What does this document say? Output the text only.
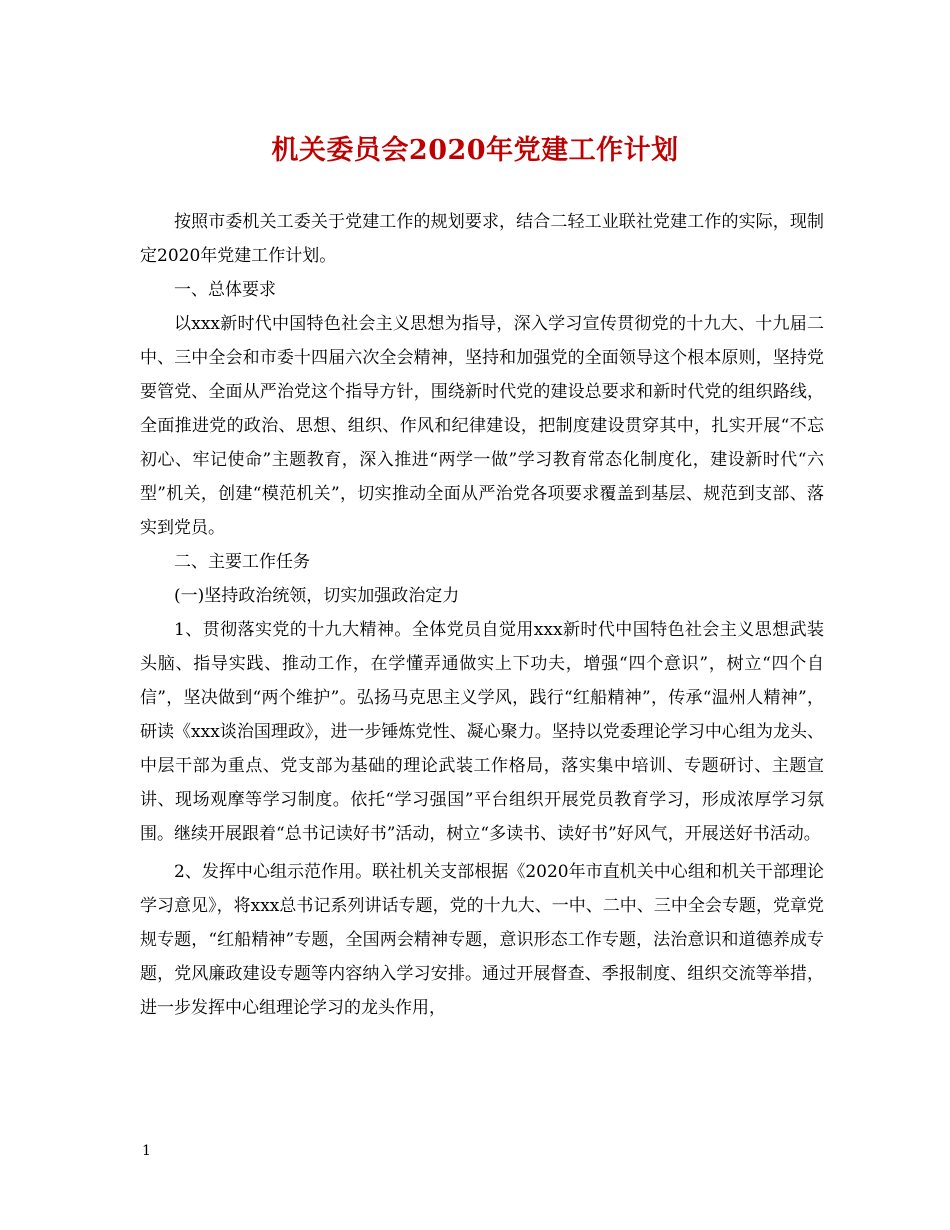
机关委员会2020年党建工作计划

按照市委机关工委关于党建工作的规划要求，结合二轻工业联社党建工作的实际，现制定2020年党建工作计划。

一、总体要求

以xxx新时代中国特色社会主义思想为指导，深入学习宣传贯彻党的十九大、十九届二中、三中全会和市委十四届六次全会精神，坚持和加强党的全面领导这个根本原则，坚持党要管党、全面从严治党这个指导方针，围绕新时代党的建设总要求和新时代党的组织路线，全面推进党的政治、思想、组织、作风和纪律建设，把制度建设贯穿其中，扎实开展“不忘初心、牢记使命”主题教育，深入推进“两学一做”学习教育常态化制度化，建设新时代“六型”机关，创建“模范机关”，切实推动全面从严治党各项要求覆盖到基层、规范到支部、落实到党员。

二、主要工作任务

(一)坚持政治统领，切实加强政治定力

1、贯彻落实党的十九大精神。全体党员自觉用xxx新时代中国特色社会主义思想武装头脑、指导实践、推动工作，在学懂弄通做实上下功夫，增强“四个意识”，树立“四个自信”，坚决做到“两个维护”。弘扬马克思主义学风，践行“红船精神”，传承“温州人精神”，研读《xxx谈治国理政》，进一步锤炼党性、凝心聚力。坚持以党委理论学习中心组为龙头、中层干部为重点、党支部为基础的理论武装工作格局，落实集中培训、专题研讨、主题宣讲、现场观摩等学习制度。依托“学习强国”平台组织开展党员教育学习，形成浓厚学习氛围。继续开展跟着“总书记读好书”活动，树立“多读书、读好书”好风气，开展送好书活动。

2、发挥中心组示范作用。联社机关支部根据《2020年市直机关中心组和机关干部理论学习意见》，将xxx总书记系列讲话专题，党的十九大、一中、二中、三中全会专题，党章党规专题，“红船精神”专题，全国两会精神专题，意识形态工作专题，法治意识和道德养成专题，党风廉政建设专题等内容纳入学习安排。通过开展督查、季报制度、组织交流等举措，进一步发挥中心组理论学习的龙头作用，

1
